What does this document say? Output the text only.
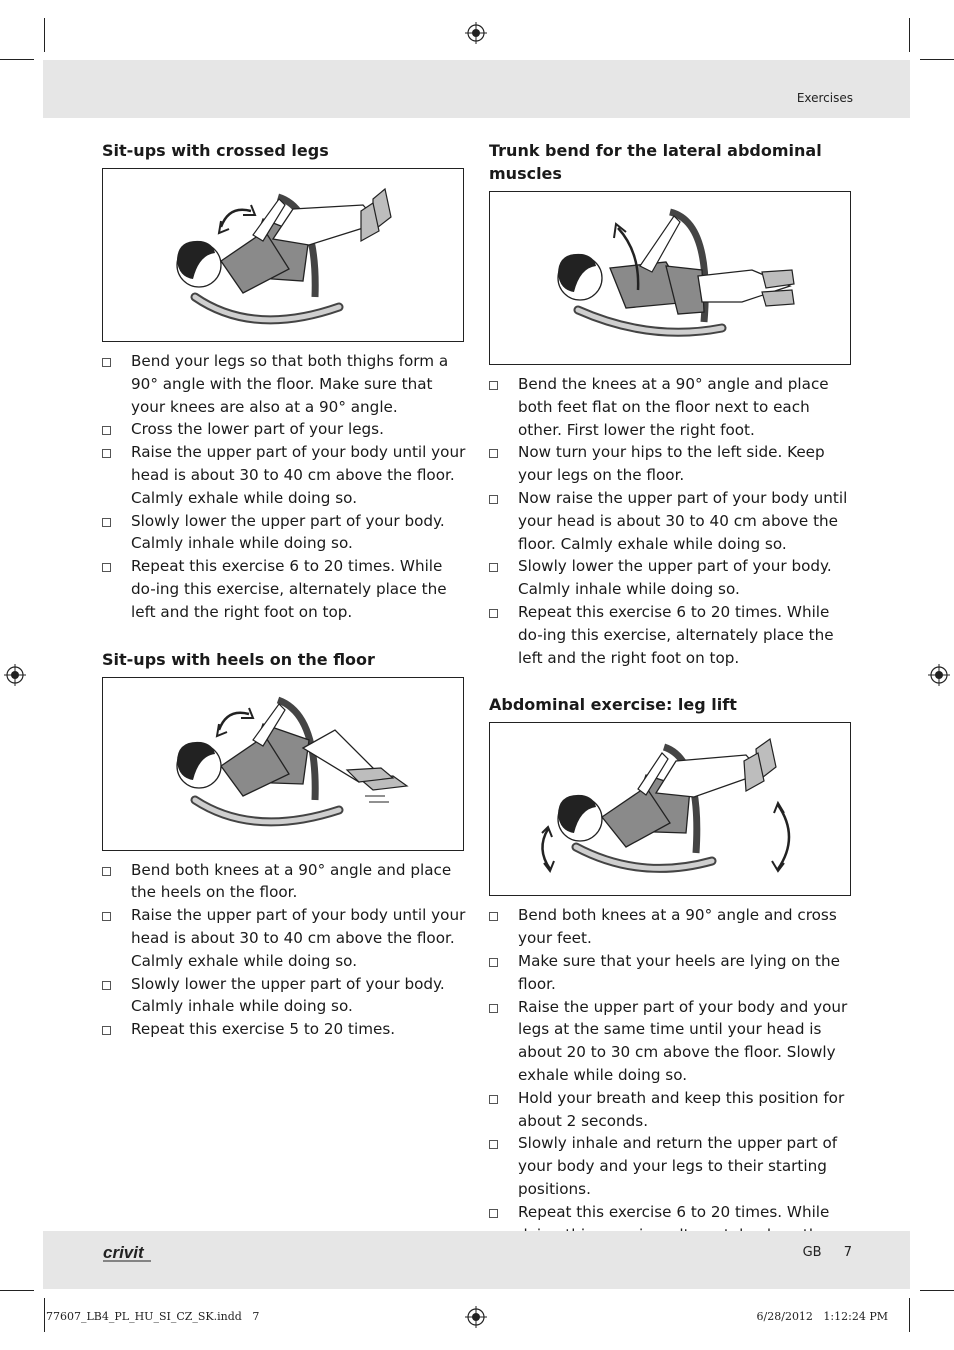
Exercises
Sit-ups with crossed legs
Bend your legs so that both thighs form a 90° angle with the floor. Make sure that your knees are also at a 90° angle.
Cross the lower part of your legs.
Raise the upper part of your body until your head is about 30 to 40 cm above the floor. Calmly exhale while doing so.
Slowly lower the upper part of your body. Calmly inhale while doing so.
Repeat this exercise 6 to 20 times. While do-ing this exercise, alternately place the left and the right foot on top.
Sit-ups with heels on the floor
Bend both knees at a 90° angle and place the heels on the floor.
Raise the upper part of your body until your head is about 30 to 40 cm above the floor. Calmly exhale while doing so.
Slowly lower the upper part of your body. Calmly inhale while doing so.
Repeat this exercise 5 to 20 times.
Trunk bend for the lateral abdominal muscles
Bend the knees at a 90° angle and place both feet flat on the floor next to each other. First lower the right foot.
Now turn your hips to the left side. Keep your legs on the floor.
Now raise the upper part of your body until your head is about 30 to 40 cm above the floor. Calmly exhale while doing so.
Slowly lower the upper part of your body. Calmly inhale while doing so.
Repeat this exercise 6 to 20 times. While do-ing this exercise, alternately place the left and the right foot on top.
Abdominal exercise: leg lift
Bend both knees at a 90° angle and cross your feet.
Make sure that your heels are lying on the floor.
Raise the upper part of your body and your legs at the same time until your head is about 20 to 30 cm above the floor. Slowly exhale while doing so.
Hold your breath and keep this position for about 2 seconds.
Slowly inhale and return the upper part of your body and your legs to their starting positions.
Repeat this exercise 6 to 20 times. While
crivit	GB 7
77607_LB4_PL_HU_SI_CZ_SK.indd   7	6/28/2012   1:12:24 PM
